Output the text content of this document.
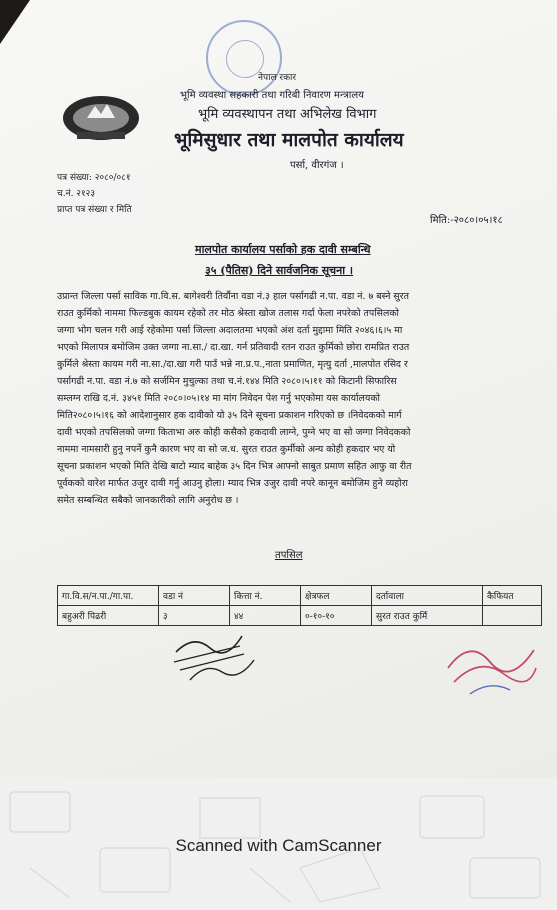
नेपाल रकार
भूमि व्यवस्था सहकारी तथा गरिबी निवारण मन्त्रालय
भूमि व्यवस्थापन तथा अभिलेख विभाग
भूमिसुधार तथा मालपोत कार्यालय
पर्सा, वीरगंज ।
पत्र संख्या: २०८०/०८१
च.नं. २१२३
प्राप्त पत्र संख्या र मिति
मिति:-२०८०।०५।१८
मालपोत कार्यालय पर्साको हक दावी सम्बन्धि
३५ (पैतिस) दिने सार्वजनिक सूचना ।
उप्रान्त जिल्ला पर्सा साविक गा.वि.स. बागेश्वरी तिर्वौना वडा नं.३ हाल पर्सागढी न.पा. वडा नं. ७ बस्ने सुरत
राउत कुर्मिको नाममा फिल्डबुक कायम रहेको तर मोठ श्रेस्ता खोज तलास गर्दा फेला नपरेको तपसिलको
जग्गा भोग चलन गरी आई रहेकोमा पर्सा जिल्ला अदालतमा भएको अंश दर्ता मुद्दामा मिति २०४६।६।५ मा
भएको मिलापत्र बमोजिम उक्त जग्गा ना.सा./ दा.खा. गर्न प्रतिवादी रतन राउत कुर्मिको छोरा रामप्रित राउत
कुर्मिले श्रेस्ता कायम गरी ना.सा./दा.खा गरी पाउँ भन्ने ना.प्र.प.,नाता प्रमाणित, मृत्यु दर्ता ,मालपोत रसिद र
पर्सागढी न.पा. वडा नं.७ को सर्जमिन मुचुल्का तथा च.नं.१४४ मिति २०८०।५।११ को किटानी सिफारिस
सम्लग्न राखि द.नं. ३४५१ मिति २०८०।०५।१४ मा मांग निवेदन पेश गर्नु भएकोमा यस कार्यालयको
मिति२०८०।५।१६ को आदेशानुसार हक दावीको यो ३५ दिने सूचना प्रकाशन गरिएको छ ।निवेदकको मार्ग
दावी भएको तपसिलको जग्गा किताभा अरु कोही कसैको हकदावी लाग्ने, पुग्ने भए वा सो जग्गा निवेदकको
नाममा नामसारी हुनु नपर्ने कुनै कारण भए वा सो ज.ध. सुरत राउत कुर्मीको अन्य कोही हकदार भए यो
सूचना प्रकाशन भएको मिति देखि बाटो म्याद बाहेक ३५ दिन भित्र आफ्नो साबुत प्रमाण सहित आफु वा रीत
पूर्वकको वारेश मार्फत उजुर दावी गर्नु आउनु होला। म्याद भित्र उजुर दावी नपरे कानून बमोजिम हुने व्यहोरा
समेत सम्बन्धित सबैको जानकारीको लागि अनुरोध छ ।
तपसिल
गा.वि.स/न.पा./गा.पा.	वडा नं	कित्ता नं.	क्षेत्रफल	दर्तावाला	कैफियत
बहुअरी पिढरी	३	४४	०-१०-१०	सुरत राउत कुर्मि	
Scanned with CamScanner
